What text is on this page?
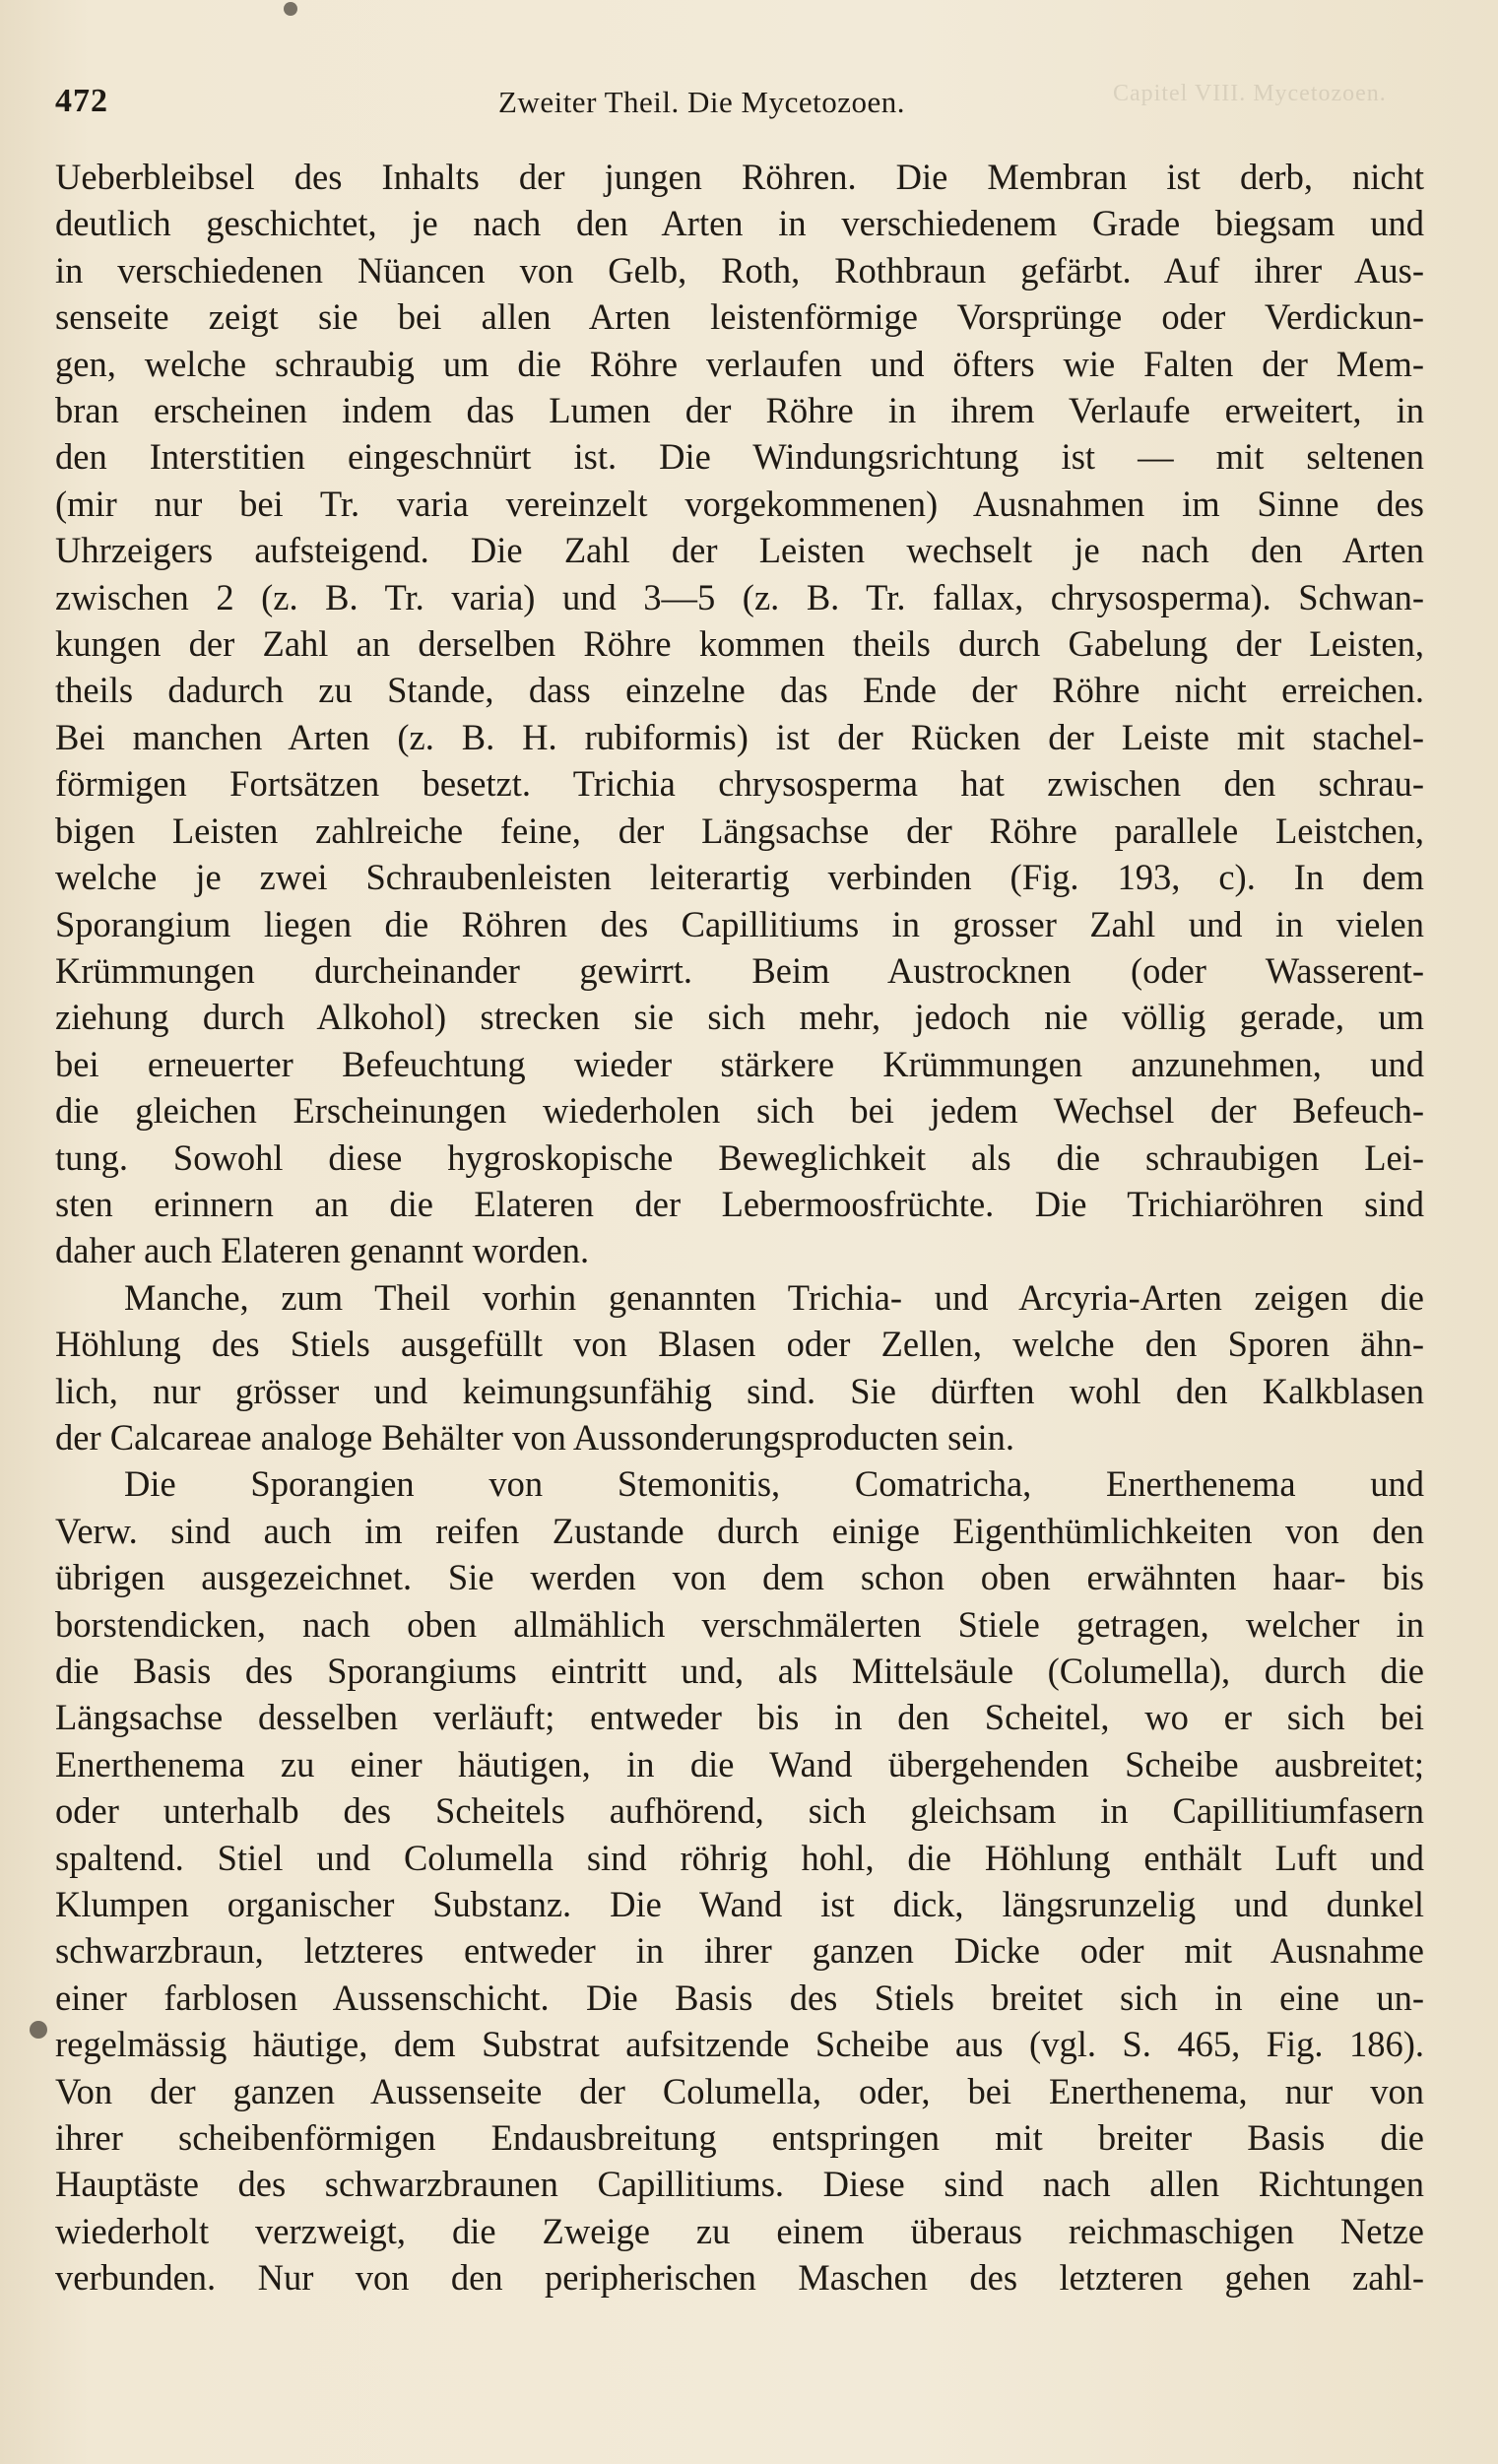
Capitel VIII. Mycetozoen.
472	Zweiter Theil. Die Mycetozoen.
Ueberbleibsel des Inhalts der jungen Röhren. Die Membran ist derb, nicht
deutlich geschichtet, je nach den Arten in verschiedenem Grade biegsam und
in verschiedenen Nüancen von Gelb, Roth, Rothbraun gefärbt. Auf ihrer Aus-
senseite zeigt sie bei allen Arten leistenförmige Vorsprünge oder Verdickun-
gen, welche schraubig um die Röhre verlaufen und öfters wie Falten der Mem-
bran erscheinen indem das Lumen der Röhre in ihrem Verlaufe erweitert, in
den Interstitien eingeschnürt ist. Die Windungsrichtung ist — mit seltenen
(mir nur bei Tr. varia vereinzelt vorgekommenen) Ausnahmen im Sinne des
Uhrzeigers aufsteigend. Die Zahl der Leisten wechselt je nach den Arten
zwischen 2 (z. B. Tr. varia) und 3—5 (z. B. Tr. fallax, chrysosperma). Schwan-
kungen der Zahl an derselben Röhre kommen theils durch Gabelung der Leisten,
theils dadurch zu Stande, dass einzelne das Ende der Röhre nicht erreichen.
Bei manchen Arten (z. B. H. rubiformis) ist der Rücken der Leiste mit stachel-
förmigen Fortsätzen besetzt. Trichia chrysosperma hat zwischen den schrau-
bigen Leisten zahlreiche feine, der Längsachse der Röhre parallele Leistchen,
welche je zwei Schraubenleisten leiterartig verbinden (Fig. 193, c). In dem
Sporangium liegen die Röhren des Capillitiums in grosser Zahl und in vielen
Krümmungen durcheinander gewirrt. Beim Austrocknen (oder Wasserent-
ziehung durch Alkohol) strecken sie sich mehr, jedoch nie völlig gerade, um
bei erneuerter Befeuchtung wieder stärkere Krümmungen anzunehmen, und
die gleichen Erscheinungen wiederholen sich bei jedem Wechsel der Befeuch-
tung. Sowohl diese hygroskopische Beweglichkeit als die schraubigen Lei-
sten erinnern an die Elateren der Lebermoosfrüchte. Die Trichiaröhren sind
daher auch Elateren genannt worden.
Manche, zum Theil vorhin genannten Trichia- und Arcyria-Arten zeigen die
Höhlung des Stiels ausgefüllt von Blasen oder Zellen, welche den Sporen ähn-
lich, nur grösser und keimungsunfähig sind. Sie dürften wohl den Kalkblasen
der Calcareae analoge Behälter von Aussonderungsproducten sein.
Die Sporangien von Stemonitis, Comatricha, Enerthenema und
Verw. sind auch im reifen Zustande durch einige Eigenthümlichkeiten von den
übrigen ausgezeichnet. Sie werden von dem schon oben erwähnten haar- bis
borstendicken, nach oben allmählich verschmälerten Stiele getragen, welcher in
die Basis des Sporangiums eintritt und, als Mittelsäule (Columella), durch die
Längsachse desselben verläuft; entweder bis in den Scheitel, wo er sich bei
Enerthenema zu einer häutigen, in die Wand übergehenden Scheibe ausbreitet;
oder unterhalb des Scheitels aufhörend, sich gleichsam in Capillitiumfasern
spaltend. Stiel und Columella sind röhrig hohl, die Höhlung enthält Luft und
Klumpen organischer Substanz. Die Wand ist dick, längsrunzelig und dunkel
schwarzbraun, letzteres entweder in ihrer ganzen Dicke oder mit Ausnahme
einer farblosen Aussenschicht. Die Basis des Stiels breitet sich in eine un-
regelmässig häutige, dem Substrat aufsitzende Scheibe aus (vgl. S. 465, Fig. 186).
Von der ganzen Aussenseite der Columella, oder, bei Enerthenema, nur von
ihrer scheibenförmigen Endausbreitung entspringen mit breiter Basis die
Hauptäste des schwarzbraunen Capillitiums. Diese sind nach allen Richtungen
wiederholt verzweigt, die Zweige zu einem überaus reichmaschigen Netze
verbunden. Nur von den peripherischen Maschen des letzteren gehen zahl-
